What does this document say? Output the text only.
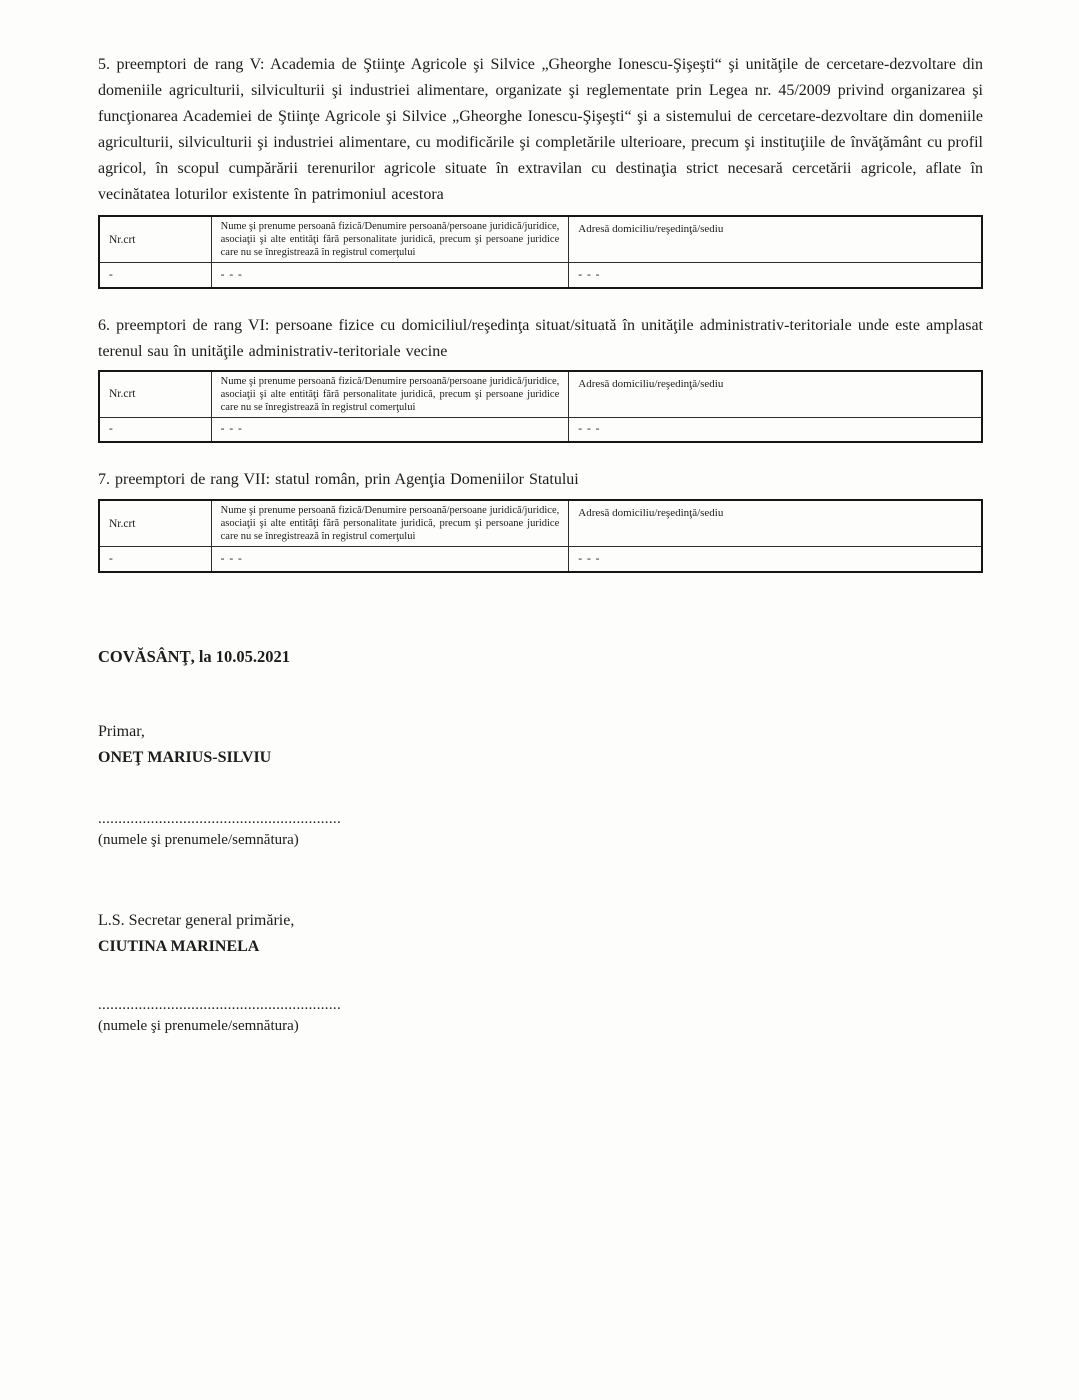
5. preemptori de rang V: Academia de Ştiinţe Agricole şi Silvice „Gheorghe Ionescu-Şişeşti“ şi unităţile de cercetare-dezvoltare din domeniile agriculturii, silviculturii şi industriei alimentare, organizate şi reglementate prin Legea nr. 45/2009 privind organizarea şi funcţionarea Academiei de Ştiinţe Agricole şi Silvice „Gheorghe Ionescu-Şişeşti“ şi a sistemului de cercetare-dezvoltare din domeniile agriculturii, silviculturii şi industriei alimentare, cu modificările şi completările ulterioare, precum şi instituţiile de învăţământ cu profil agricol, în scopul cumpărării terenurilor agricole situate în extravilan cu destinaţia strict necesară cercetării agricole, aflate în vecinătatea loturilor existente în patrimoniul acestora

Nr.crt	Nume şi prenume persoană fizică/Denumire persoană/persoane juridică/juridice, asociaţii şi alte entităţi fără personalitate juridică, precum şi persoane juridice care nu se înregistrează în registrul comerţului	Adresă domiciliu/reşedinţă/sediu
-	- - -	- - -

6. preemptori de rang VI: persoane fizice cu domiciliul/reşedinţa situat/situată în unităţile administrativ-teritoriale unde este amplasat terenul sau în unităţile administrativ-teritoriale vecine

Nr.crt	Nume şi prenume persoană fizică/Denumire persoană/persoane juridică/juridice, asociaţii şi alte entităţi fără personalitate juridică, precum şi persoane juridice care nu se înregistrează în registrul comerţului	Adresă domiciliu/reşedinţă/sediu
-	- - -	- - -

7. preemptori de rang VII: statul român, prin Agenţia Domeniilor Statului

Nr.crt	Nume şi prenume persoană fizică/Denumire persoană/persoane juridică/juridice, asociaţii şi alte entităţi fără personalitate juridică, precum şi persoane juridice care nu se înregistrează în registrul comerţului	Adresă domiciliu/reşedinţă/sediu
-	- - -	- - -
COVĂSÂNŢ, la 10.05.2021
Primar,
ONEŢ MARIUS-SILVIU
............................................................
(numele şi prenumele/semnătura)
L.S. Secretar general primărie,
CIUTINA MARINELA
............................................................
(numele şi prenumele/semnătura)
